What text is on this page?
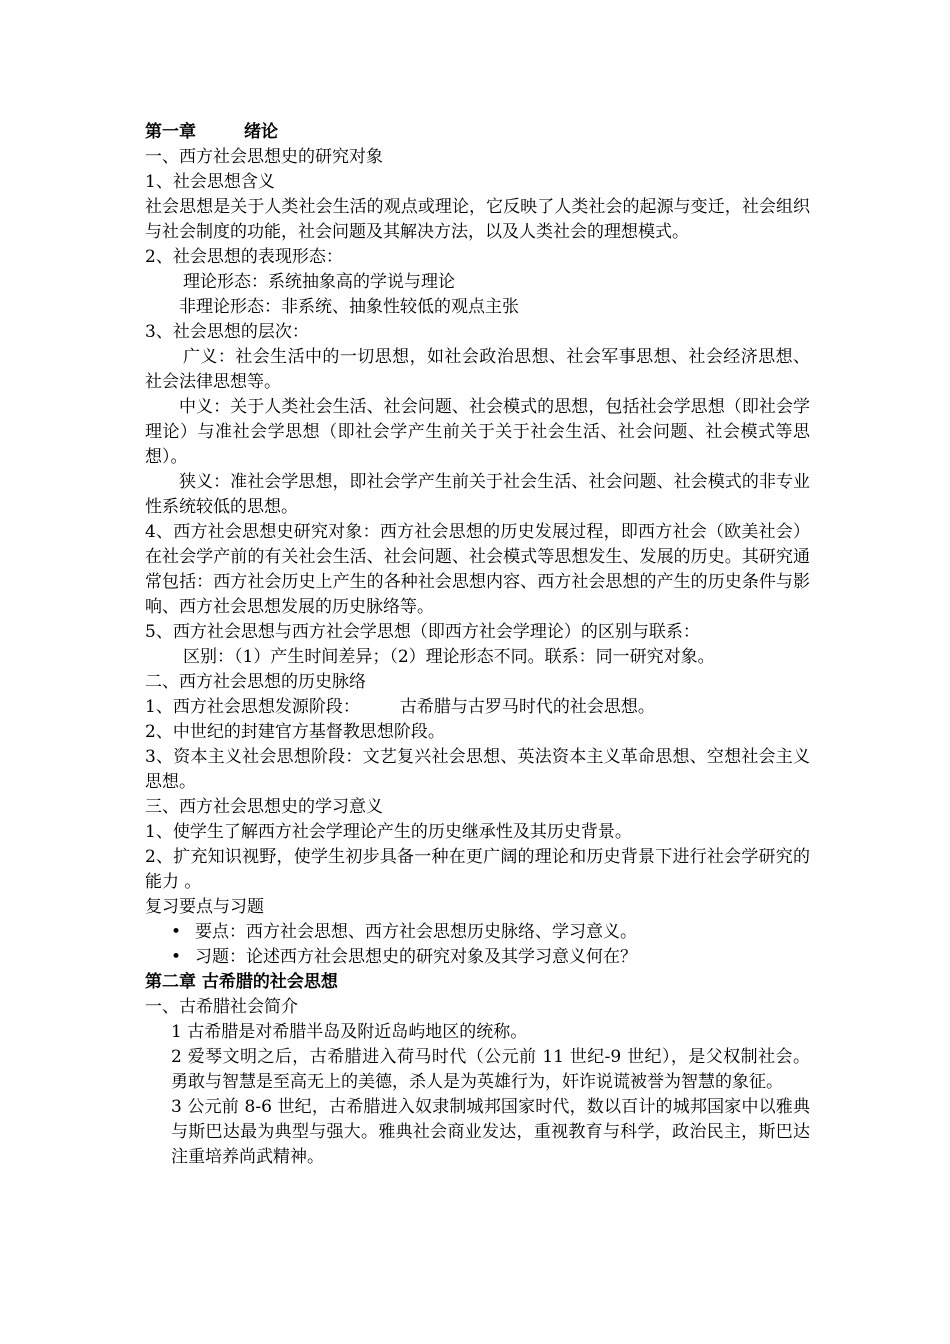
第一章	绪论
一、西方社会思想史的研究对象
1、社会思想含义
社会思想是关于人类社会生活的观点或理论，它反映了人类社会的起源与变迁，社会组织与社会制度的功能，社会问题及其解决方法，以及人类社会的理想模式。
2、社会思想的表现形态：
理论形态：系统抽象高的学说与理论
非理论形态：非系统、抽象性较低的观点主张
3、社会思想的层次：
广义：社会生活中的一切思想，如社会政治思想、社会军事思想、社会经济思想、社会法律思想等。
中义：关于人类社会生活、社会问题、社会模式的思想，包括社会学思想（即社会学理论）与准社会学思想（即社会学产生前关于关于社会生活、社会问题、社会模式等思想）。
狭义：准社会学思想，即社会学产生前关于社会生活、社会问题、社会模式的非专业性系统较低的思想。
4、西方社会思想史研究对象：西方社会思想的历史发展过程，即西方社会（欧美社会）在社会学产前的有关社会生活、社会问题、社会模式等思想发生、发展的历史。其研究通常包括：西方社会历史上产生的各种社会思想内容、西方社会思想的产生的历史条件与影响、西方社会思想发展的历史脉络等。
5、西方社会思想与西方社会学思想（即西方社会学理论）的区别与联系：
区别：（1）产生时间差异；（2）理论形态不同。联系：同一研究对象。
二、西方社会思想的历史脉络
1、西方社会思想发源阶段： 古希腊与古罗马时代的社会思想。
2、中世纪的封建官方基督教思想阶段。
3、资本主义社会思想阶段：文艺复兴社会思想、英法资本主义革命思想、空想社会主义思想。
三、西方社会思想史的学习意义
1、使学生了解西方社会学理论产生的历史继承性及其历史背景。
2、扩充知识视野，使学生初步具备一种在更广阔的理论和历史背景下进行社会学研究的能力 。
复习要点与习题
• 要点：西方社会思想、西方社会思想历史脉络、学习意义。
• 习题：论述西方社会思想史的研究对象及其学习意义何在？
第二章 古希腊的社会思想
一、古希腊社会简介
1 古希腊是对希腊半岛及附近岛屿地区的统称。
2 爱琴文明之后，古希腊进入荷马时代（公元前 11 世纪-9 世纪），是父权制社会。勇敢与智慧是至高无上的美德，杀人是为英雄行为，奸诈说谎被誉为智慧的象征。
3 公元前 8-6 世纪，古希腊进入奴隶制城邦国家时代，数以百计的城邦国家中以雅典与斯巴达最为典型与强大。雅典社会商业发达，重视教育与科学，政治民主，斯巴达注重培养尚武精神。
